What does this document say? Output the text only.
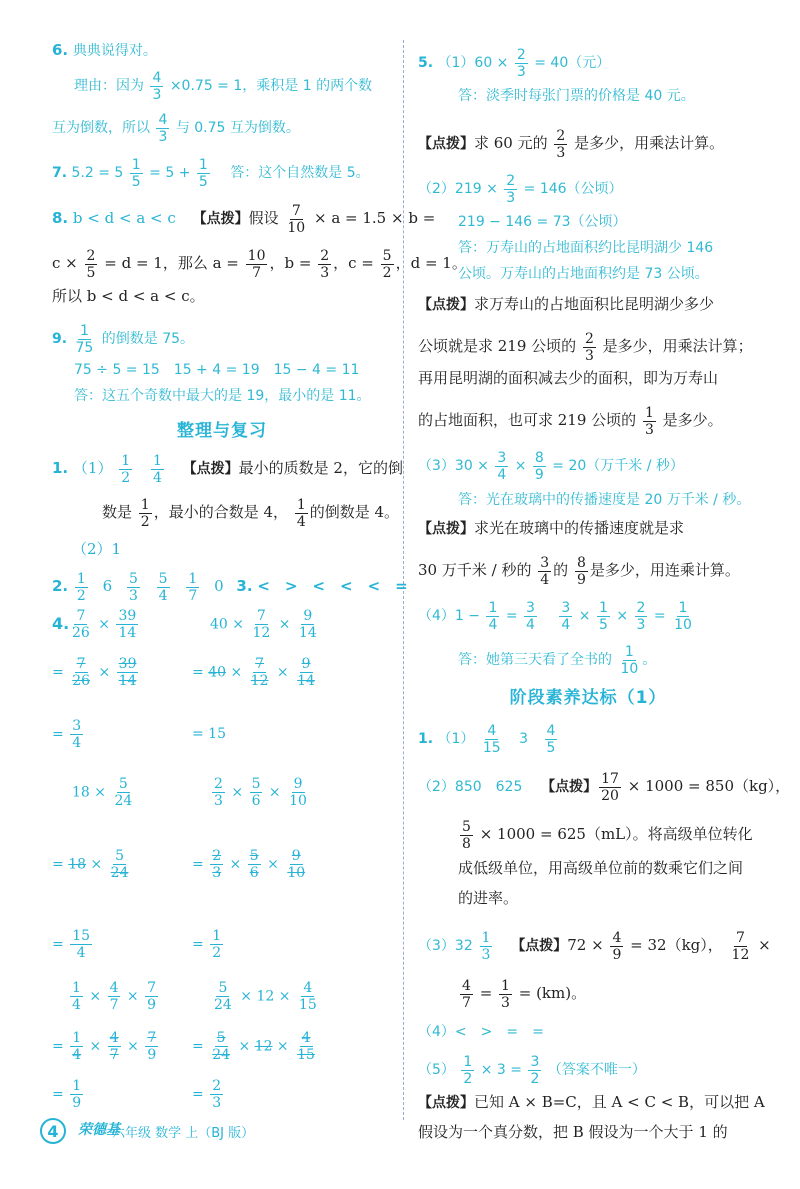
6. 典典说得对。
理由：因为 $\frac{4}{3} \times 0.75 = 1$，乘积是 1 的两个数
互为倒数，所以 $\frac{4}{3}$ 与 0.75 互为倒数。
7. $5.2 = 5 \frac{1}{5} = 5 + \frac{1}{5}$ 答：这个自然数是 5。
8. b < d < a < c 【点拨】假设 $\frac{7}{10} \times a = 1.5 \times b$ =
$c \times \frac{2}{5} = d = 1$，那么 $a = \frac{10}{7}$ ，$b = \frac{2}{3}$ ，$c = \frac{5}{2}$ ，d = 1。
所以 b < d < a < c。
9. $\frac{1}{75}$ 的倒数是 75。
75 ÷ 5 = 15　15 + 4 = 19　15 − 4 = 11
答：这五个奇数中最大的是 19，最小的是 11。
整理与复习
1. $(1) \frac{1}{2}$
$\frac{1}{4}$ 【点拨】最小的质数是 2，它的倒
数是 $\frac{1}{2}$ ，最小的合数是 4， $\frac{1}{4}$ 的倒数是 4。
（2）1
2. $\frac{1}{2} 6 \frac{5}{3}$
$\frac{5}{4}$
$\frac{1}{7} 0$ 3. <　>　<　<　<　=
4. $\frac{7}{26} \times \frac{39}{14}$
= $\frac{7}{26} \times \frac{39}{14}$
= $\frac{3}{4}$
$18 \times \frac{5}{24}$
= $18 \times \frac{5}{24}$
= $\frac{15}{4}$
$\frac{1}{4} \times \frac{4}{7} \times \frac{7}{9}$
= $\frac{1}{4} \times \frac{4}{7} \times \frac{7}{9}$
$40 \times \frac{7}{12} \times \frac{9}{14}$
= $40 \times \frac{7}{12} \times \frac{9}{14}$
= 15
$\frac{2}{3} \times \frac{5}{6} \times \frac{9}{10}$
= $\frac{2}{3} \times \frac{5}{6} \times \frac{9}{10}$
= $\frac{1}{2}$
$\frac{5}{24} \times 12 \times \frac{4}{15}$
= $\frac{5}{24} \times 12 \times \frac{4}{15}$
= $\frac{1}{9}$	= $\frac{2}{3}$
5. $(1)60 \times \frac{2}{3} = 40$（元）
答：淡季时每张门票的价格是 40 元。
【点拨】求 60 元的 $\frac{2}{3}$ 是多少，用乘法计算。
$(2)219 \times \frac{2}{3} = 146$（公顷）
219 − 146 = 73（公顷）
答：万寿山的占地面积约比昆明湖少 146
公顷。万寿山的占地面积约是 73 公顷。
【点拨】求万寿山的占地面积比昆明湖少多少
公顷就是求 219 公顷的 $\frac{2}{3}$ 是多少，用乘法计算；
再用昆明湖的面积减去少的面积，即为万寿山
的占地面积，也可求 219 公顷的 $\frac{1}{3}$ 是多少。
$(3)30 \times \frac{3}{4} \times \frac{8}{9} = 20$（万千米 / 秒）
答：光在玻璃中的传播速度是 20 万千米 / 秒。
【点拨】求光在玻璃中的传播速度就是求
30 万千米 / 秒的 $\frac{3}{4}$ 的 $\frac{8}{9}$ 是多少，用连乘计算。
$(4)1 - \frac{1}{4} = \frac{3}{4}$
　 $\frac{3}{4} \times \frac{1}{5} \times \frac{2}{3} = \frac{1}{10}$
答：她第三天看了全书的 $\frac{1}{10}$ 。
阶段素养达标（1）
1. $(1) \frac{4}{15} 3 \frac{4}{5}$
（2）850　625 【点拨】 $\frac{17}{20} \times 1000 = 850(kg)$，
$\frac{5}{8} \times 1000 = 625(mL)$。将高级单位转化
成低级单位，用高级单位前的数乘它们之间
的进率。
$(3)32 \frac{1}{3}$ 【点拨】$72 \times \frac{4}{9} = 32(kg)$， $\frac{7}{12}$ ×
$\frac{4}{7} = \frac{1}{3} = (km)$。
（4）<　>　=　=
$(5) \frac{1}{2} \times 3 = \frac{3}{2}$ （答案不唯一）
【点拨】已知 A × B=C，且 A < C < B，可以把 A
假设为一个真分数，把 B 假设为一个大于 1 的
4	荣德基
六年级 数学 上（BJ 版）
